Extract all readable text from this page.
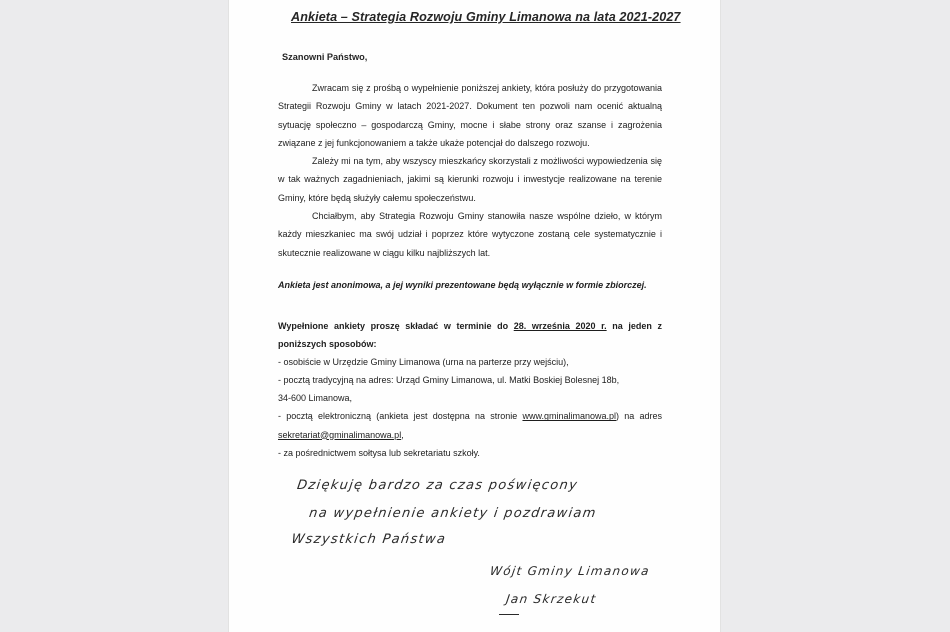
Ankieta – Strategia Rozwoju Gminy Limanowa na lata 2021-2027
Szanowni Państwo,

Zwracam się z prośbą o wypełnienie poniższej ankiety, która posłuży do przygotowania Strategii Rozwoju Gminy w latach 2021-2027. Dokument ten pozwoli nam ocenić aktualną sytuację społeczno – gospodarczą Gminy, mocne i słabe strony oraz szanse i zagrożenia związane z jej funkcjonowaniem a także ukaże potencjał do dalszego rozwoju.

Zależy mi na tym, aby wszyscy mieszkańcy skorzystali z możliwości wypowiedzenia się w tak ważnych zagadnieniach, jakimi są kierunki rozwoju i inwestycje realizowane na terenie Gminy, które będą służyły całemu społeczeństwu.

Chciałbym, aby Strategia Rozwoju Gminy stanowiła nasze wspólne dzieło, w którym każdy mieszkaniec ma swój udział i poprzez które wytyczone zostaną cele systematycznie i skutecznie realizowane w ciągu kilku najbliższych lat.

Ankieta jest anonimowa, a jej wyniki prezentowane będą wyłącznie w formie zbiorczej.
Wypełnione ankiety proszę składać w terminie do 28. września 2020 r. na jeden z
poniższych sposobów:
- osobiście w Urzędzie Gminy Limanowa (urna na parterze przy wejściu),
- pocztą tradycyjną na adres: Urząd Gminy Limanowa, ul. Matki Boskiej Bolesnej 18b,
34-600 Limanowa,
- pocztą elektroniczną (ankieta jest dostępna na stronie www.gminalimanowa.pl) na adres
sekretariat@gminalimanowa.pl,
- za pośrednictwem sołtysa lub sekretariatu szkoły.
Dziękuję bardzo za czas poświęcony
na wypełnienie ankiety i pozdrawiam
Wszystkich Państwa
Wójt Gminy Limanowa
Jan Skrzekut
